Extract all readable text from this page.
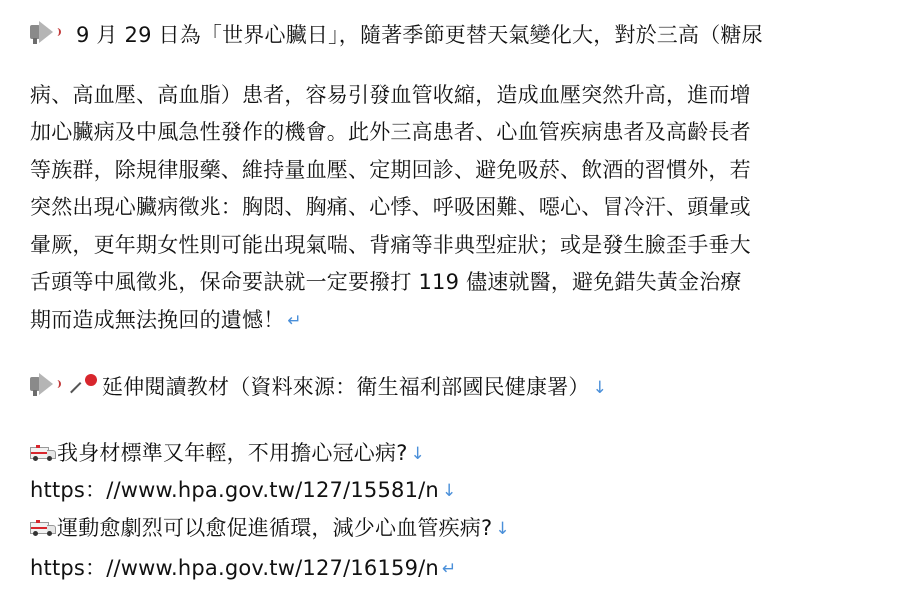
9 月 29 日為「世界心臟日」，隨著季節更替天氣變化大，對於三高（糖尿
病、高血壓、高血脂）患者，容易引發血管收縮，造成血壓突然升高，進而增
加心臟病及中風急性發作的機會。此外三高患者、心血管疾病患者及高齡長者
等族群，除規律服藥、維持量血壓、定期回診、避免吸菸、飲酒的習慣外，若
突然出現心臟病徵兆：胸悶、胸痛、心悸、呼吸困難、噁心、冒冷汗、頭暈或
暈厥，更年期女性則可能出現氣喘、背痛等非典型症狀；或是發生臉歪手垂大
舌頭等中風徵兆，保命要訣就一定要撥打 119 儘速就醫，避免錯失黃金治療
期而造成無法挽回的遺憾！ ↵
延伸閱讀教材（資料來源：衛生福利部國民健康署） ↓
我身材標準又年輕，不用擔心冠心病? ↓
https：//www.hpa.gov.tw/127/15581/n ↓
運動愈劇烈可以愈促進循環，減少心血管疾病? ↓
https：//www.hpa.gov.tw/127/16159/n ↵
